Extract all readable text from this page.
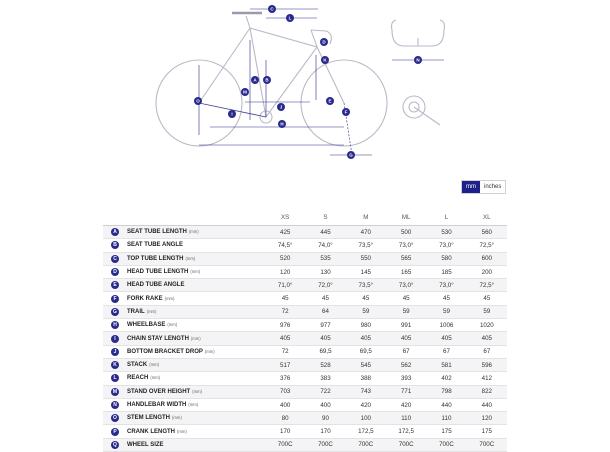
C
L
D
B
A
M
J
O
I
H
E
F
G
K	N
mm	inches
		XS	S	M	ML	L	XL
A	SEAT TUBE LENGTH (mm)	425	445	470	500	530	560
B	SEAT TUBE ANGLE	74,5°	74,0°	73,5°	73,0°	73,0°	72,5°
C	TOP TUBE LENGTH (mm)	520	535	550	565	580	600
D	HEAD TUBE LENGTH (mm)	120	130	145	165	185	200
E	HEAD TUBE ANGLE	71,0°	72,0°	73,5°	73,0°	73,0°	72,5°
F	FORK RAKE (mm)	45	45	45	45	45	45
G	TRAIL (mm)	72	64	59	59	59	59
H	WHEELBASE (mm)	976	977	980	991	1006	1020
I	CHAIN STAY LENGTH (mm)	405	405	405	405	405	405
J	BOTTOM BRACKET DROP (mm)	72	69,5	69,5	67	67	67
K	STACK (mm)	517	528	545	562	581	596
L	REACH (mm)	376	383	388	393	402	412
M	STAND OVER HEIGHT (mm)	703	722	743	771	798	822
N	HANDLEBAR WIDTH (mm)	400	400	420	420	440	440
O	STEM LENGTH (mm)	80	90	100	110	110	120
P	CRANK LENGTH (mm)	170	170	172,5	172,5	175	175
Q	WHEEL SIZE	700C	700C	700C	700C	700C	700C
